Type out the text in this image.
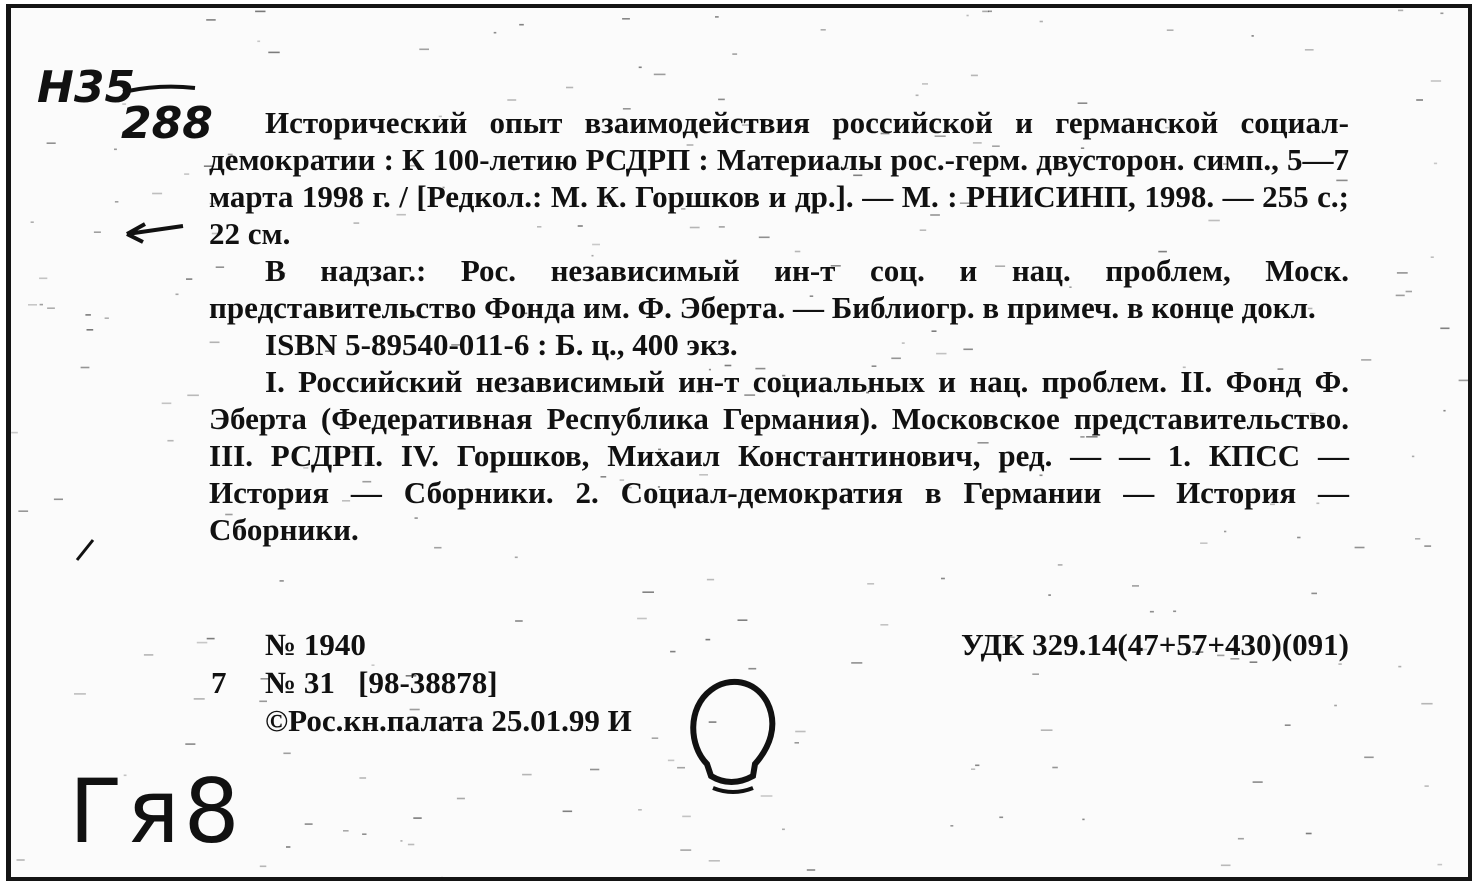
Н35
288	Исторический опыт взаимодействия российской и германской социал-демократии : К 100-летию РСДРП : Материалы рос.-герм. двусторон. симп., 5—7 марта 1998 г. / [Редкол.: М. К. Горшков и др.]. — М. : РНИСИНП, 1998. — 255 с.; 22 см.

В надзаг.: Рос. независимый ин-т соц. и нац. проблем, Моск. представительство Фонда им. Ф. Эберта. — Библиогр. в примеч. в конце докл.

ISBN 5-89540-011-6 : Б. ц., 400 экз.

I. Российский независимый ин-т социальных и нац. проблем. II. Фонд Ф. Эберта (Федеративная Республика Германия). Московское представительство. III. РСДРП. IV. Горшков, Михаил Константинович, ред. — — 1. КПСС — История — Сборники. 2. Социал-демократия в Германии — История — Сборники.

№ 1940	УДК 329.14(47+57+430)(091)
7 № 31 [98-38878]
©Рос.кн.палата 25.01.99 И
Гя8
